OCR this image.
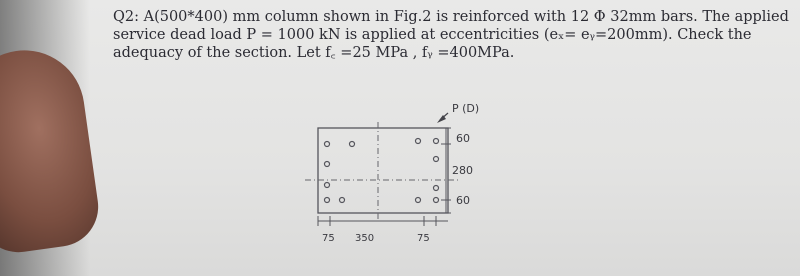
Q2: A(500*400) mm column shown in Fig.2 is reinforced with 12 Φ 32mm bars. The applied
service dead load P = 1000 kN is applied at eccentricities (eₓ= eᵧ=200mm). Check the
adequacy of the section. Let f꜀ =25 MPa , fᵧ =400MPa.
P (D)
60
280
60
75 350	75
